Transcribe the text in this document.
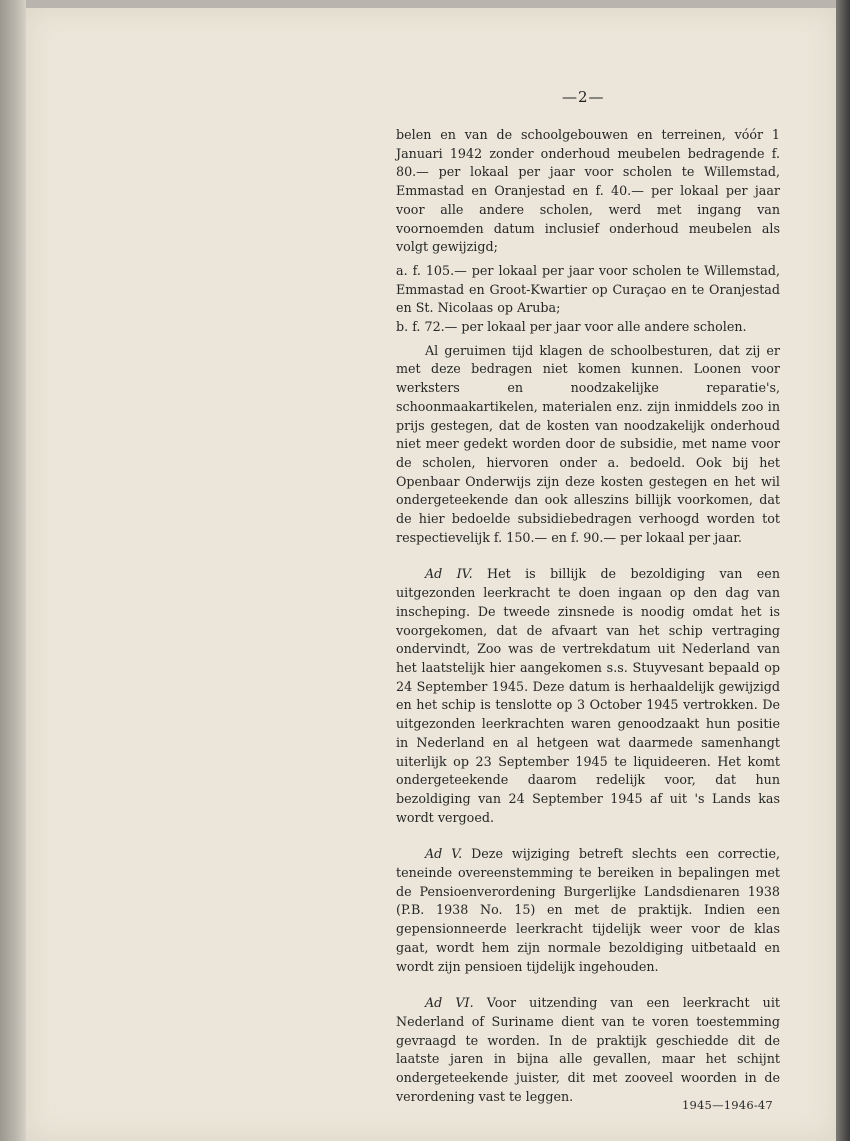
—2—

belen en van de schoolgebouwen en terreinen, vóór 1 Januari 1942 zonder onderhoud meubelen bedragende f. 80.— per lokaal per jaar voor scholen te Willemstad, Emmastad en Oranjestad en f. 40.— per lokaal per jaar voor alle andere scholen, werd met ingang van voornoemden datum inclusief onderhoud meubelen als volgt gewijzigd;

a. f. 105.— per lokaal per jaar voor scholen te Willemstad, Emmastad en Groot-Kwartier op Curaçao en te Oranjestad en St. Nicolaas op Aruba;

b. f. 72.— per lokaal per jaar voor alle andere scholen.

Al geruimen tijd klagen de schoolbesturen, dat zij er met deze bedragen niet komen kunnen. Loonen voor werksters en noodzakelijke reparatie's, schoonmaakartikelen, materialen enz. zijn inmiddels zoo in prijs gestegen, dat de kosten van noodzakelijk onderhoud niet meer gedekt worden door de subsidie, met name voor de scholen, hiervoren onder a. bedoeld. Ook bij het Openbaar Onderwijs zijn deze kosten gestegen en het wil ondergeteekende dan ook alleszins billijk voorkomen, dat de hier bedoelde subsidiebedragen verhoogd worden tot respectievelijk f. 150.— en f. 90.— per lokaal per jaar.

Ad IV. Het is billijk de bezoldiging van een uitgezonden leerkracht te doen ingaan op den dag van inscheping. De tweede zinsnede is noodig omdat het is voorgekomen, dat de afvaart van het schip vertraging ondervindt, Zoo was de vertrekdatum uit Nederland van het laatstelijk hier aangekomen s.s. Stuyvesant bepaald op 24 September 1945. Deze datum is herhaaldelijk gewijzigd en het schip is tenslotte op 3 October 1945 vertrokken. De uitgezonden leerkrachten waren genoodzaakt hun positie in Nederland en al hetgeen wat daarmede samenhangt uiterlijk op 23 September 1945 te liquideeren. Het komt ondergeteekende daarom redelijk voor, dat hun bezoldiging van 24 September 1945 af uit 's Lands kas wordt vergoed.

Ad V. Deze wijziging betreft slechts een correctie, teneinde overeenstemming te bereiken in bepalingen met de Pensioenverordening Burgerlijke Landsdienaren 1938 (P.B. 1938 No. 15) en met de praktijk. Indien een gepensionneerde leerkracht tijdelijk weer voor de klas gaat, wordt hem zijn normale bezoldiging uitbetaald en wordt zijn pensioen tijdelijk ingehouden.

Ad VI. Voor uitzending van een leerkracht uit Nederland of Suriname dient van te voren toestemming gevraagd te worden. In de praktijk geschiedde dit de laatste jaren in bijna alle gevallen, maar het schijnt ondergeteekende juister, dit met zooveel woorden in de verordening vast te leggen.

1945—1946-47
